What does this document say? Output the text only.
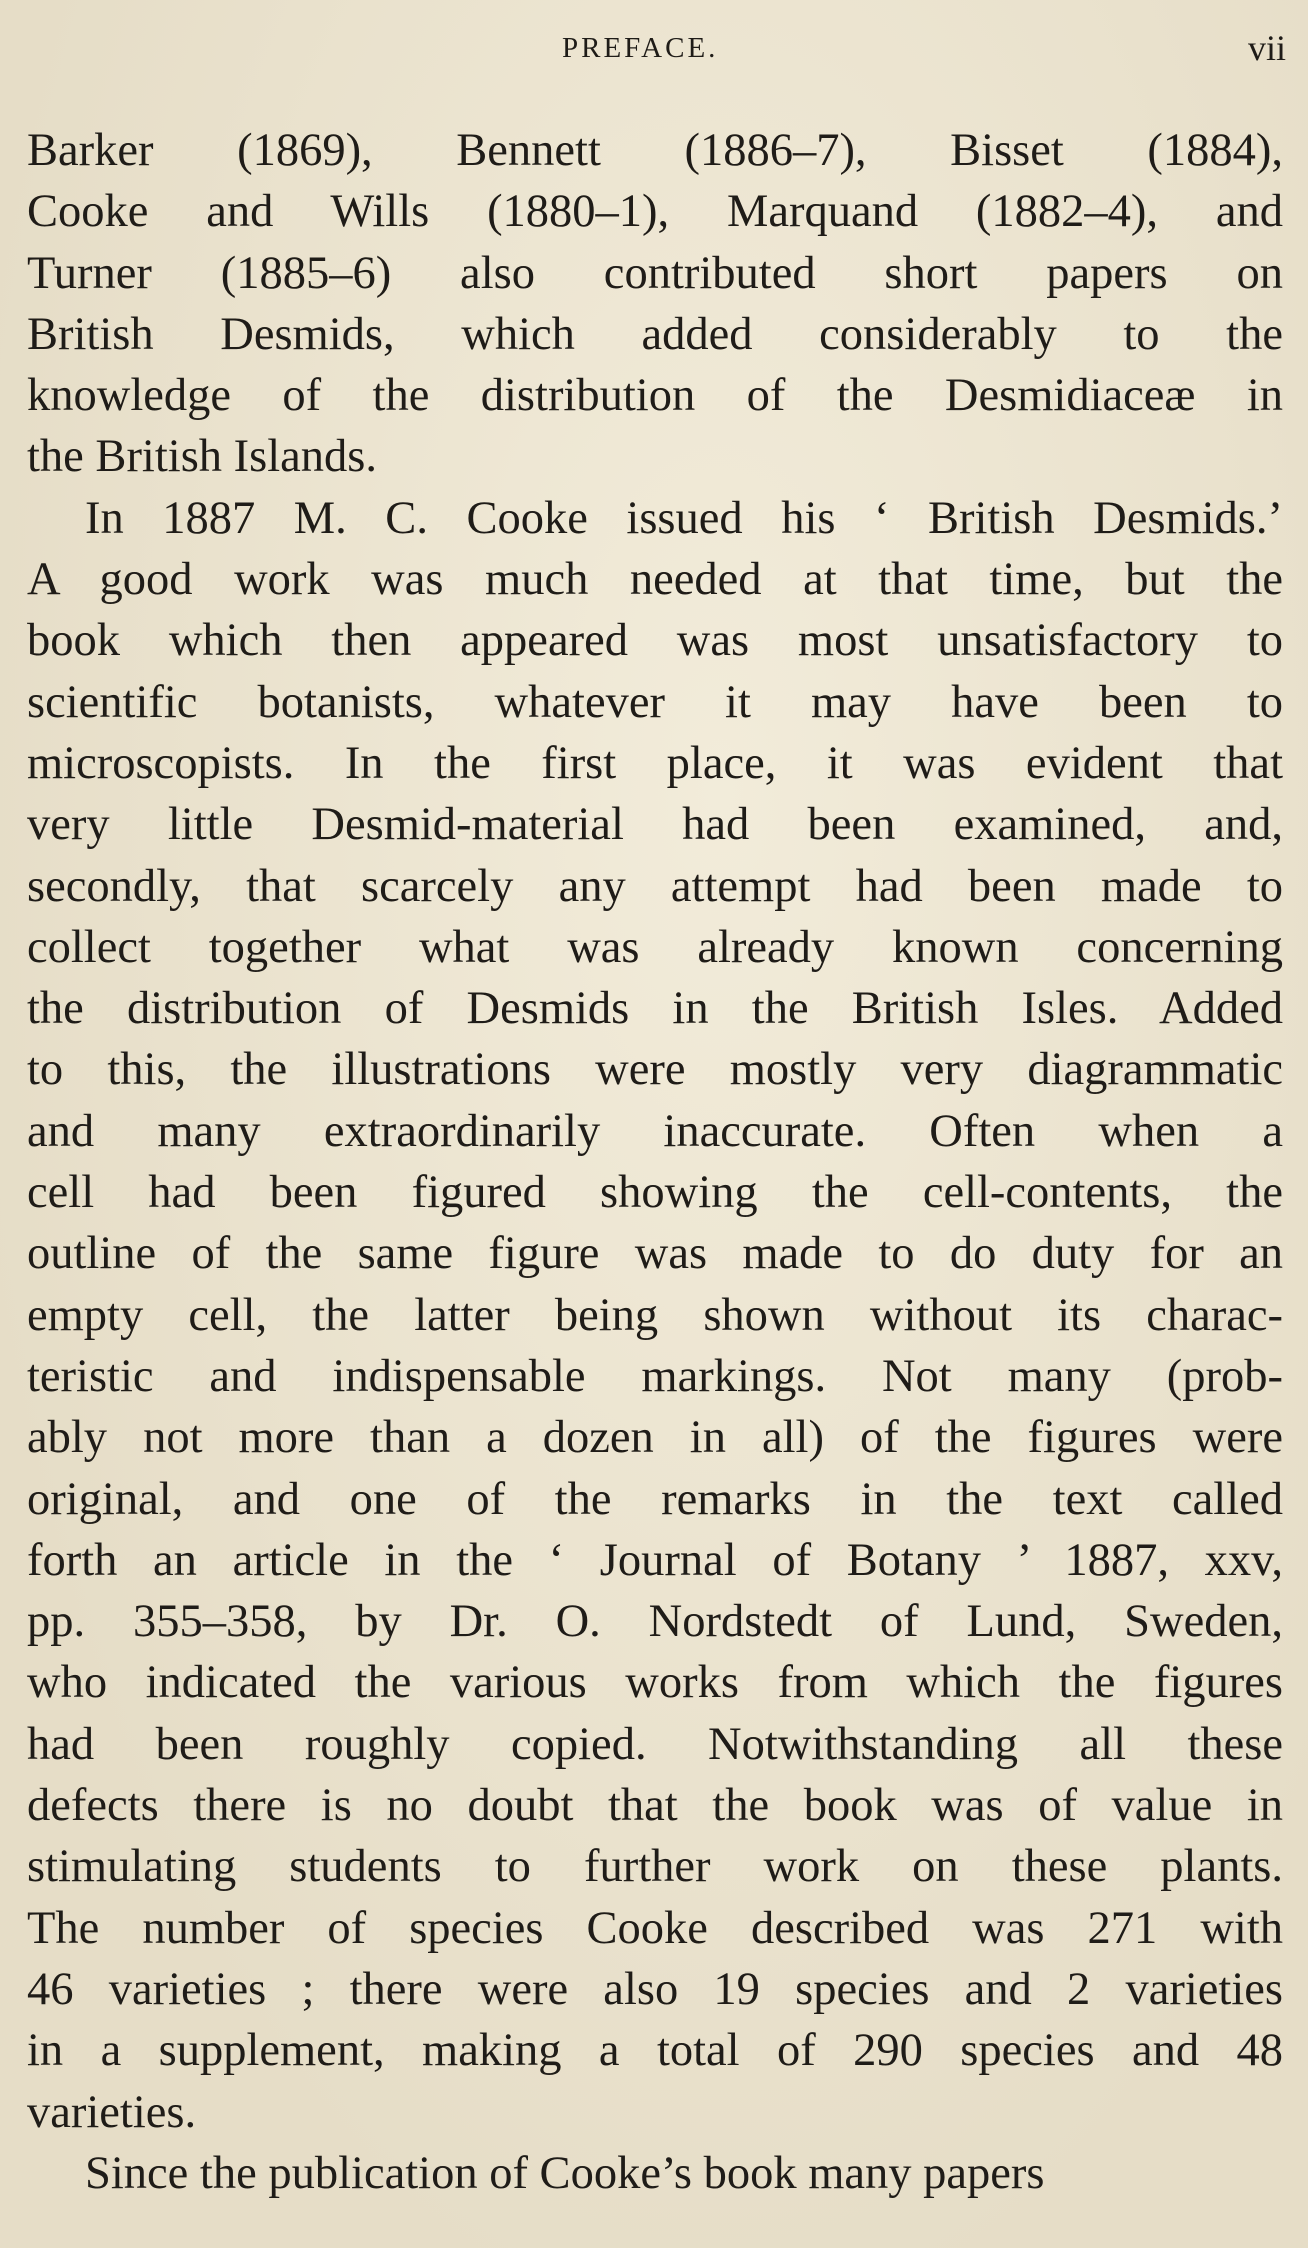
PREFACE.	vii
Barker (1869), Bennett (1886–7), Bisset (1884),
Cooke and Wills (1880–1), Marquand (1882–4), and
Turner (1885–6) also contributed short papers on
British Desmids, which added considerably to the
knowledge of the distribution of the Desmidiaceæ in
the British Islands.
In 1887 M. C. Cooke issued his ‘ British Desmids.’
A good work was much needed at that time, but the
book which then appeared was most unsatisfactory to
scientific botanists, whatever it may have been to
microscopists. In the first place, it was evident that
very little Desmid-material had been examined, and,
secondly, that scarcely any attempt had been made to
collect together what was already known concerning
the distribution of Desmids in the British Isles. Added
to this, the illustrations were mostly very diagrammatic
and many extraordinarily inaccurate. Often when a
cell had been figured showing the cell-contents, the
outline of the same figure was made to do duty for an
empty cell, the latter being shown without its charac-
teristic and indispensable markings. Not many (prob-
ably not more than a dozen in all) of the figures were
original, and one of the remarks in the text called
forth an article in the ‘ Journal of Botany ’ 1887, xxv,
pp. 355–358, by Dr. O. Nordstedt of Lund, Sweden,
who indicated the various works from which the figures
had been roughly copied. Notwithstanding all these
defects there is no doubt that the book was of value in
stimulating students to further work on these plants.
The number of species Cooke described was 271 with
46 varieties ; there were also 19 species and 2 varieties
in a supplement, making a total of 290 species and 48
varieties.
Since the publication of Cooke’s book many papers
